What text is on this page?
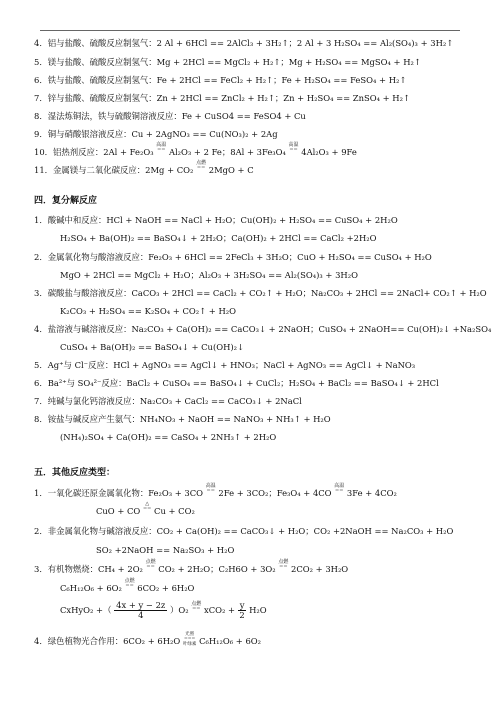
4．铝与盐酸、硫酸反应制氢气：2 Al + 6HCl == 2AlCl₃ + 3H₂↑；2 Al + 3 H₂SO₄ == Al₂(SO₄)₃ + 3H₂↑
5．镁与盐酸、硫酸反应制氢气：Mg + 2HCl == MgCl₂ + H₂↑；Mg + H₂SO₄ == MgSO₄ + H₂↑
6．铁与盐酸、硫酸反应制氢气：Fe + 2HCl == FeCl₂ + H₂↑；Fe + H₂SO₄ == FeSO₄ + H₂↑
7．锌与盐酸、硫酸反应制氢气：Zn + 2HCl == ZnCl₂ + H₂↑；Zn + H₂SO₄ == ZnSO₄ + H₂↑
8．湿法炼铜法，铁与硫酸铜溶液反应：Fe + CuSO4 == FeSO4 + Cu
9．铜与硝酸银溶液反应：Cu + 2AgNO₃ == Cu(NO₃)₂ + 2Ag
10．铝热剂反应：2Al + Fe₂O₃ 高温
== Al₂O₃ + 2 Fe；8Al + 3Fe₃O₄ 高温
== 4Al₂O₃ + 9Fe
11．金属镁与二氧化碳反应：2Mg + CO₂ 点燃
== 2MgO + C
四．复分解反应
1．酸碱中和反应：HCl + NaOH == NaCl + H₂O；Cu(OH)₂ + H₂SO₄ == CuSO₄ + 2H₂O
H₂SO₄ + Ba(OH)₂ == BaSO₄↓ + 2H₂O；Ca(OH)₂ + 2HCl == CaCl₂ +2H₂O
2．金属氧化物与酸溶液反应：Fe₂O₃ + 6HCl == 2FeCl₃ + 3H₂O；CuO + H₂SO₄ == CuSO₄ + H₂O
MgO + 2HCl == MgCl₂ + H₂O；Al₂O₃ + 3H₂SO₄ == Al₂(SO₄)₃ + 3H₂O
3．碳酸盐与酸溶液反应：CaCO₃ + 2HCl == CaCl₂ + CO₂↑ + H₂O；Na₂CO₃ + 2HCl == 2NaCl+ CO₂↑ + H₂O
K₂CO₃ + H₂SO₄ == K₂SO₄ + CO₂↑ + H₂O
4．盐溶液与碱溶液反应：Na₂CO₃ + Ca(OH)₂ == CaCO₃↓ + 2NaOH；CuSO₄ + 2NaOH== Cu(OH)₂↓ +Na₂SO₄
CuSO₄ + Ba(OH)₂ == BaSO₄↓ + Cu(OH)₂↓
5．Ag⁺与 Cl⁻反应：HCl + AgNO₃ == AgCl↓ + HNO₃；NaCl + AgNO₃ == AgCl↓ + NaNO₃
6．Ba²⁺与 SO₄²⁻反应：BaCl₂ + CuSO₄ == BaSO₄↓ + CuCl₂；H₂SO₄ + BaCl₂ == BaSO₄↓ + 2HCl
7．纯碱与氯化钙溶液反应：Na₂CO₃ + CaCl₂ == CaCO₃↓ + 2NaCl
8．铵盐与碱反应产生氨气：NH₄NO₃ + NaOH == NaNO₃ + NH₃↑ + H₂O
(NH₄)₂SO₄ + Ca(OH)₂ == CaSO₄ + 2NH₃↑ + 2H₂O
五．其他反应类型：
1．一氧化碳还原金属氧化物：Fe₂O₃ + 3CO 高温
== 2Fe + 3CO₂；Fe₃O₄ + 4CO 高温
== 3Fe + 4CO₂
CuO + CO △
== Cu + CO₂
2．非金属氧化物与碱溶液反应：CO₂ + Ca(OH)₂ == CaCO₃↓ + H₂O；CO₂ +2NaOH == Na₂CO₃ + H₂O
SO₂ +2NaOH == Na₂SO₃ + H₂O
3．有机物燃烧：CH₄ + 2O₂ 点燃
== CO₂ + 2H₂O；C₂H6O + 3O₂ 点燃
== 2CO₂ + 3H₂O
C₆H₁₂O₆ + 6O₂ 点燃
== 6CO₂ + 6H₂O
CxHyO₂ +（ $\frac{4x + y - 2z}{4} )O_2$ 点燃
== $xCO_2 + \frac{y}{2} H_2O$
4．绿色植物光合作用：6CO₂ + 6H₂O 光照
===
叶绿素 C₆H₁₂O₆ + 6O₂
